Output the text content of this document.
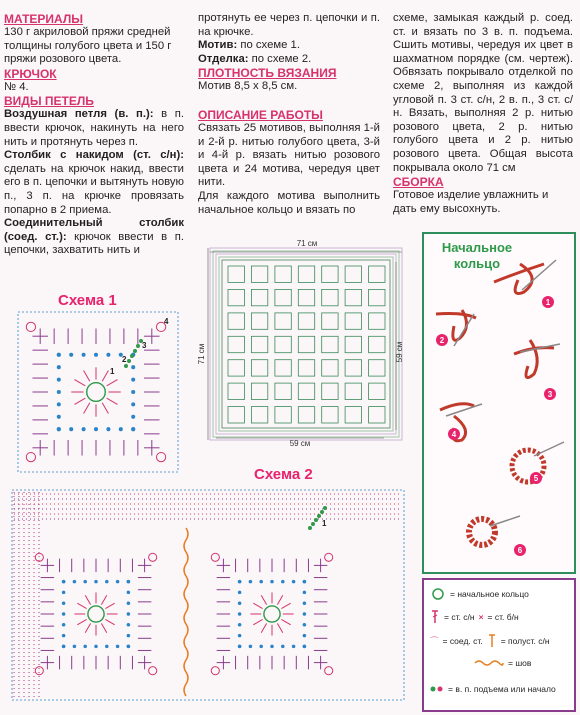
МАТЕРИАЛЫ

130 г акриловой пряжи средней толщины голубого цвета и 150 г пряжи розового цвета.

КРЮЧОК

№ 4.

ВИДЫ ПЕТЕЛЬ

Воздушная петля (в. п.): в п. ввести крючок, накинуть на него нить и протянуть через п.

Столбик с накидом (ст. с/н): сделать на крючок накид, ввести его в п. цепочки и вытянуть новую п., 3 п. на крючке провязать попарно в 2 приема.

Соединительный столбик (соед. ст.): крючок ввести в п. цепочки, захватить нить и

протянуть ее через п. цепочки и п. на крючке.

Мотив: по схеме 1.

Отделка: по схеме 2.

ПЛОТНОСТЬ ВЯЗАНИЯ

Мотив 8,5 х 8,5 см.

ОПИСАНИЕ РАБОТЫ

Связать 25 мотивов, выполняя 1-й и 2-й р. нитью голубого цвета, 3-й и 4-й р. вязать нитью розового цвета и 24 мотива, чередуя цвет нити.

Для каждого мотива выполнить начальное кольцо и вязать по

схеме, замыкая каждый р. соед. ст. и вязать по 3 в. п. подъема. Сшить мотивы, чередуя их цвет в шахматном порядке (см. чертеж). Обвязать покрывало отделкой по схеме 2, выполняя из каждой угловой п. 3 ст. с/н, 2 в. п., 3 ст. с/н. Вязать, выполняя 2 р. нитью розового цвета, 2 р. нитью голубого цвета и 2 р. нитью розового цвета. Общая высота покрывала около 71 см

СБОРКА

Готовое изделие увлажнить и дать ему высохнуть.

71 см
59 см
71 см	59 см
Схема 1
4
3
2
1
Схема 2
1
Начальное
кольцо
1
2
3
4
5
6
= начальное кольцо
= ст. с/н × = ст. б/н
⌒ = соед. ст. = полуст. с/н
= шов
= в. п. подъема или начало
